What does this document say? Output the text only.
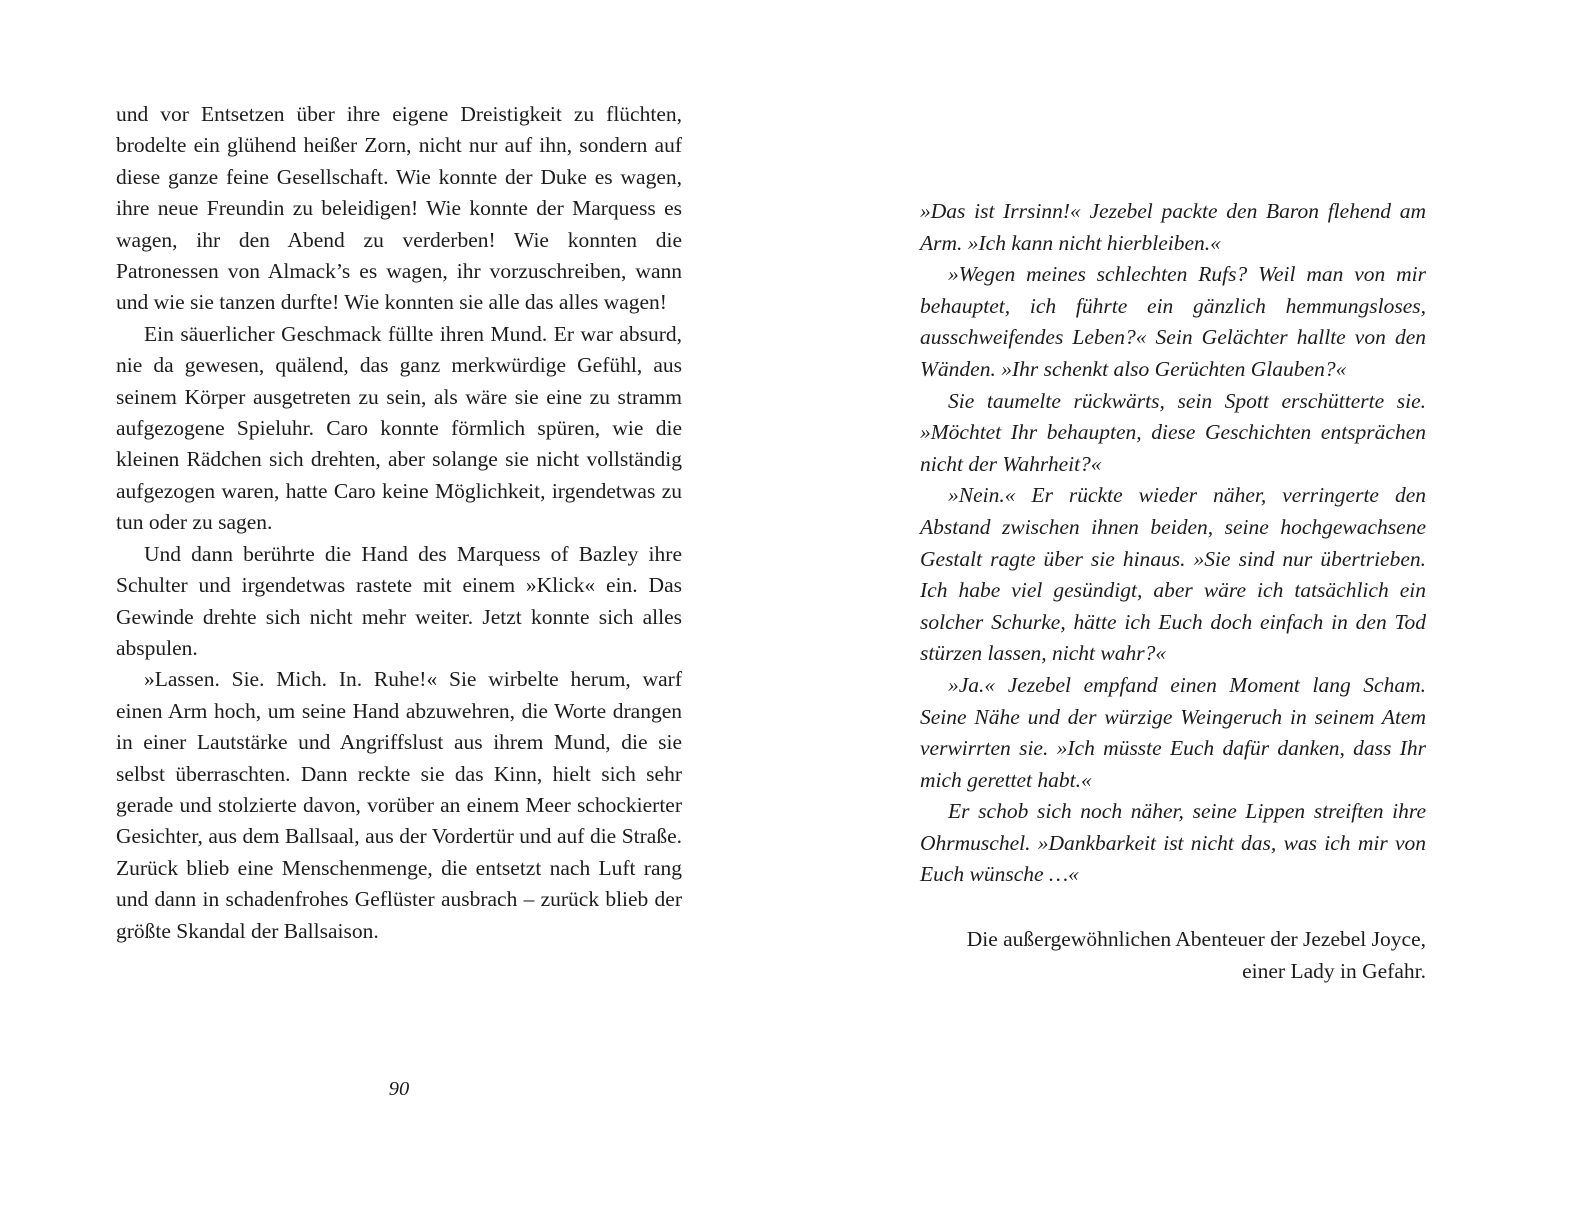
und vor Entsetzen über ihre eigene Dreistigkeit zu flüchten, brodelte ein glühend heißer Zorn, nicht nur auf ihn, sondern auf diese ganze feine Gesellschaft. Wie konnte der Duke es wagen, ihre neue Freundin zu beleidigen! Wie konnte der Marquess es wagen, ihr den Abend zu verderben! Wie konnten die Patronessen von Almack’s es wagen, ihr vorzuschreiben, wann und wie sie tanzen durfte! Wie konnten sie alle das alles wagen!

Ein säuerlicher Geschmack füllte ihren Mund. Er war absurd, nie da gewesen, quälend, das ganz merkwürdige Gefühl, aus seinem Körper ausgetreten zu sein, als wäre sie eine zu stramm aufgezogene Spieluhr. Caro konnte förmlich spüren, wie die kleinen Rädchen sich drehten, aber solange sie nicht vollständig aufgezogen waren, hatte Caro keine Möglichkeit, irgendetwas zu tun oder zu sagen.

Und dann berührte die Hand des Marquess of Bazley ihre Schulter und irgendetwas rastete mit einem »Klick« ein. Das Gewinde drehte sich nicht mehr weiter. Jetzt konnte sich alles abspulen.

»Lassen. Sie. Mich. In. Ruhe!« Sie wirbelte herum, warf einen Arm hoch, um seine Hand abzuwehren, die Worte drangen in einer Lautstärke und Angriffslust aus ihrem Mund, die sie selbst überraschten. Dann reckte sie das Kinn, hielt sich sehr gerade und stolzierte davon, vorüber an einem Meer schockierter Gesichter, aus dem Ballsaal, aus der Vordertür und auf die Straße. Zurück blieb eine Menschenmenge, die entsetzt nach Luft rang und dann in schadenfrohes Geflüster ausbrach – zurück blieb der größte Skandal der Ballsaison.

90

»Das ist Irrsinn!« Jezebel packte den Baron flehend am Arm. »Ich kann nicht hierbleiben.«

»Wegen meines schlechten Rufs? Weil man von mir behauptet, ich führte ein gänzlich hemmungsloses, ausschweifendes Leben?« Sein Gelächter hallte von den Wänden. »Ihr schenkt also Gerüchten Glauben?«

Sie taumelte rückwärts, sein Spott erschütterte sie. »Möchtet Ihr behaupten, diese Geschichten entsprächen nicht der Wahrheit?«

»Nein.« Er rückte wieder näher, verringerte den Abstand zwischen ihnen beiden, seine hochgewachsene Gestalt ragte über sie hinaus. »Sie sind nur übertrieben. Ich habe viel gesündigt, aber wäre ich tatsächlich ein solcher Schurke, hätte ich Euch doch einfach in den Tod stürzen lassen, nicht wahr?«

»Ja.« Jezebel empfand einen Moment lang Scham. Seine Nähe und der würzige Weingeruch in seinem Atem verwirrten sie. »Ich müsste Euch dafür danken, dass Ihr mich gerettet habt.«

Er schob sich noch näher, seine Lippen streiften ihre Ohrmuschel. »Dankbarkeit ist nicht das, was ich mir von Euch wünsche …«

Die außergewöhnlichen Abenteuer der Jezebel Joyce,
einer Lady in Gefahr.
